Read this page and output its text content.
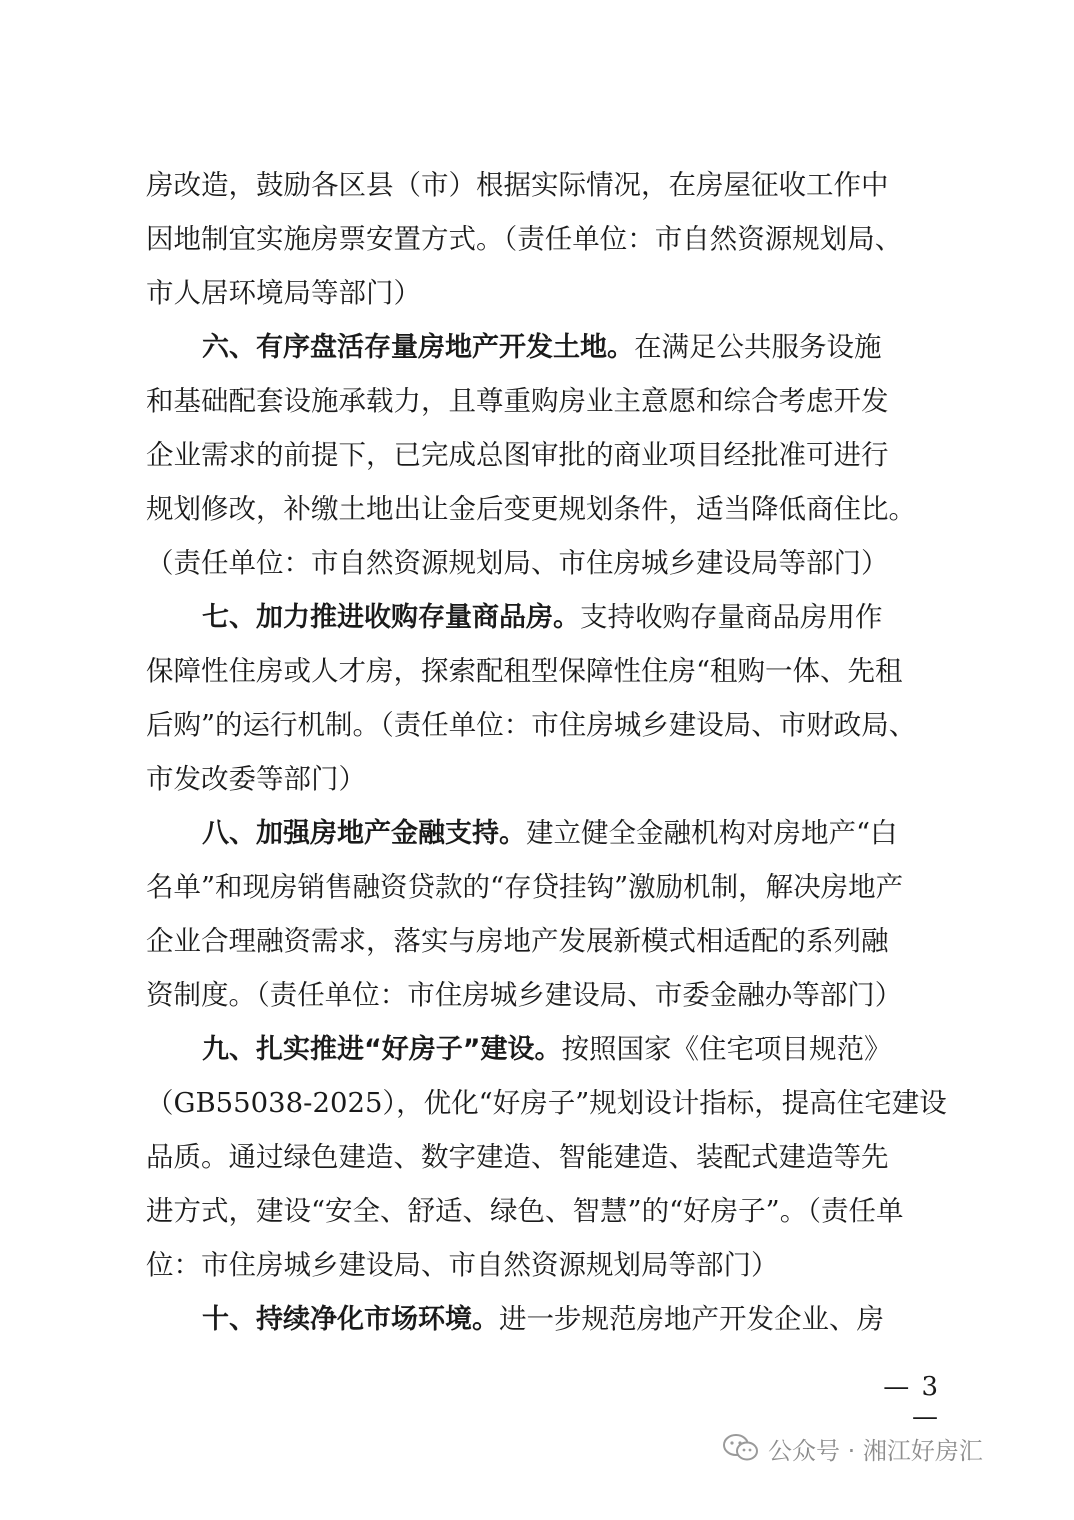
房改造，鼓励各区县（市）根据实际情况，在房屋征收工作中
因地制宜实施房票安置方式。（责任单位：市自然资源规划局、
市人居环境局等部门）
六、有序盘活存量房地产开发土地。在满足公共服务设施
和基础配套设施承载力，且尊重购房业主意愿和综合考虑开发
企业需求的前提下，已完成总图审批的商业项目经批准可进行
规划修改，补缴土地出让金后变更规划条件，适当降低商住比。
（责任单位：市自然资源规划局、市住房城乡建设局等部门）
七、加力推进收购存量商品房。支持收购存量商品房用作
保障性住房或人才房，探索配租型保障性住房“租购一体、先租
后购”的运行机制。（责任单位：市住房城乡建设局、市财政局、
市发改委等部门）
八、加强房地产金融支持。建立健全金融机构对房地产“白
名单”和现房销售融资贷款的“存贷挂钩”激励机制，解决房地产
企业合理融资需求，落实与房地产发展新模式相适配的系列融
资制度。（责任单位：市住房城乡建设局、市委金融办等部门）
九、扎实推进“好房子”建设。按照国家《住宅项目规范》
（GB55038-2025），优化“好房子”规划设计指标，提高住宅建设
品质。通过绿色建造、数字建造、智能建造、装配式建造等先
进方式，建设“安全、舒适、绿色、智慧”的“好房子”。（责任单
位：市住房城乡建设局、市自然资源规划局等部门）
十、持续净化市场环境。进一步规范房地产开发企业、房
— 3 —
公众号 · 湘江好房汇
